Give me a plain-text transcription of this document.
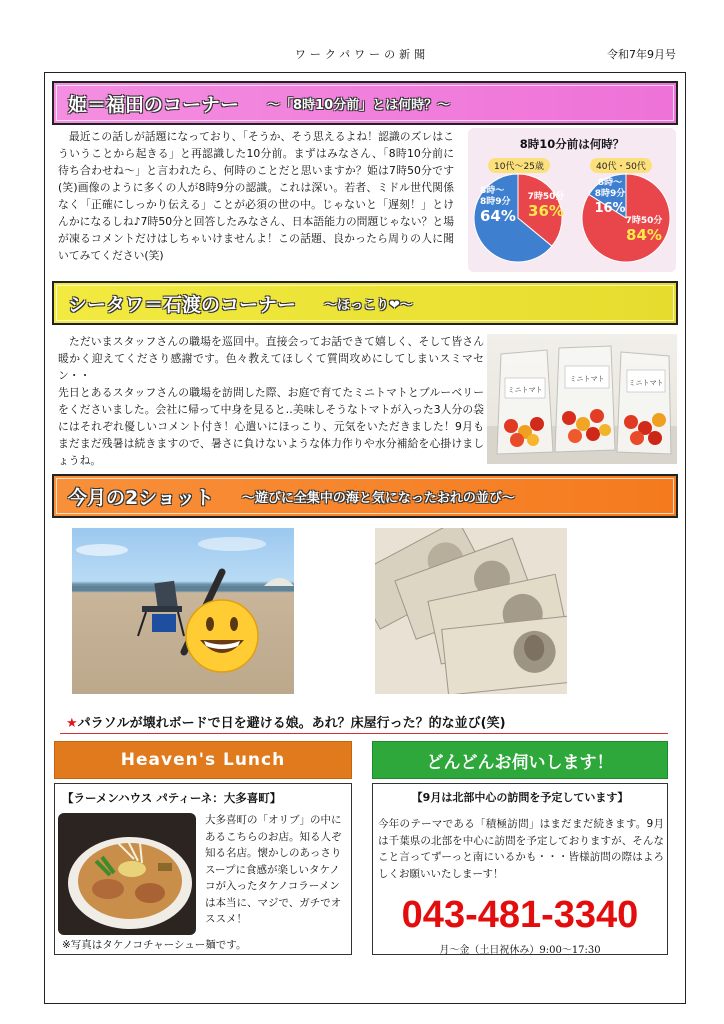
ワークパワーの新聞	令和7年9月号
姫＝福田のコーナー ～「8時10分前」とは何時？～
　最近この話しが話題になっており、「そうか、そう思えるよね！認識のズレはこういうことから起きる」と再認識した10分前。まずはみなさん、「8時10分前に待ち合わせね～」と言われたら、何時のことだと思いますか？姫は7時50分です(笑)画像のように多くの人が8時9分の認識。これは深い。若者、ミドル世代関係なく「正確にしっかり伝える」ことが必須の世の中。じゃないと「遅刻！」とけんかになるしね♪7時50分と回答したみなさん、日本語能力の問題じゃない？と場が凍るコメントだけはしちゃいけませんよ！この話題、良かったら周りの人に聞いてみてください(笑)
8時10分前は何時？
10代～25歳	40代・50代
8時～
8時9分
64%
7時50分
36%
8時～
8時9分
16%
7時50分
84%
シータワ＝石渡のコーナー ～ほっこり❤～
　ただいまスタッフさんの職場を巡回中。直接会ってお話できて嬉しく、そして皆さん暖かく迎えてくださり感謝です。色々教えてほしくて質問攻めにしてしまいスミマセン・・
先日とあるスタッフさんの職場を訪問した際、お庭で育てたミニトマトとブルーベリーをくださいました。会社に帰って中身を見ると‥美味しそうなトマトが入った3人分の袋にはそれぞれ優しいコメント付き！心遣いにほっこり、元気をいただきました！9月もまだまだ残暑は続きますので、暑さに負けないような体力作りや水分補給を心掛けましょうね。
ミニトマト
ミニトマト	ミニトマト
今月の2ショット ～遊びに全集中の海と気になったおれの並び～
★パラソルが壊れボードで日を避ける娘。あれ？床屋行った？的な並び(笑)
Heaven's Lunch
【ラーメンハウス パティーネ：大多喜町】
大多喜町の「オリブ」の中にあるこちらのお店。知る人ぞ知る名店。懐かしのあっさりスープに食感が楽しいタケノコが入ったタケノコラーメンは本当に、マジで、ガチでオススメ！
※写真はタケノコチャーシュー麺です。
どんどんお伺いします！
【9月は北部中心の訪問を予定しています】
今年のテーマである「積極訪問」はまだまだ続きます。9月は千葉県の北部を中心に訪問を予定しておりますが、そんなこと言ってずーっと南にいるかも・・・皆様訪問の際はよろしくお願いいたしまーす！
043-481-3340
月～金（土日祝休み）9:00～17:30
